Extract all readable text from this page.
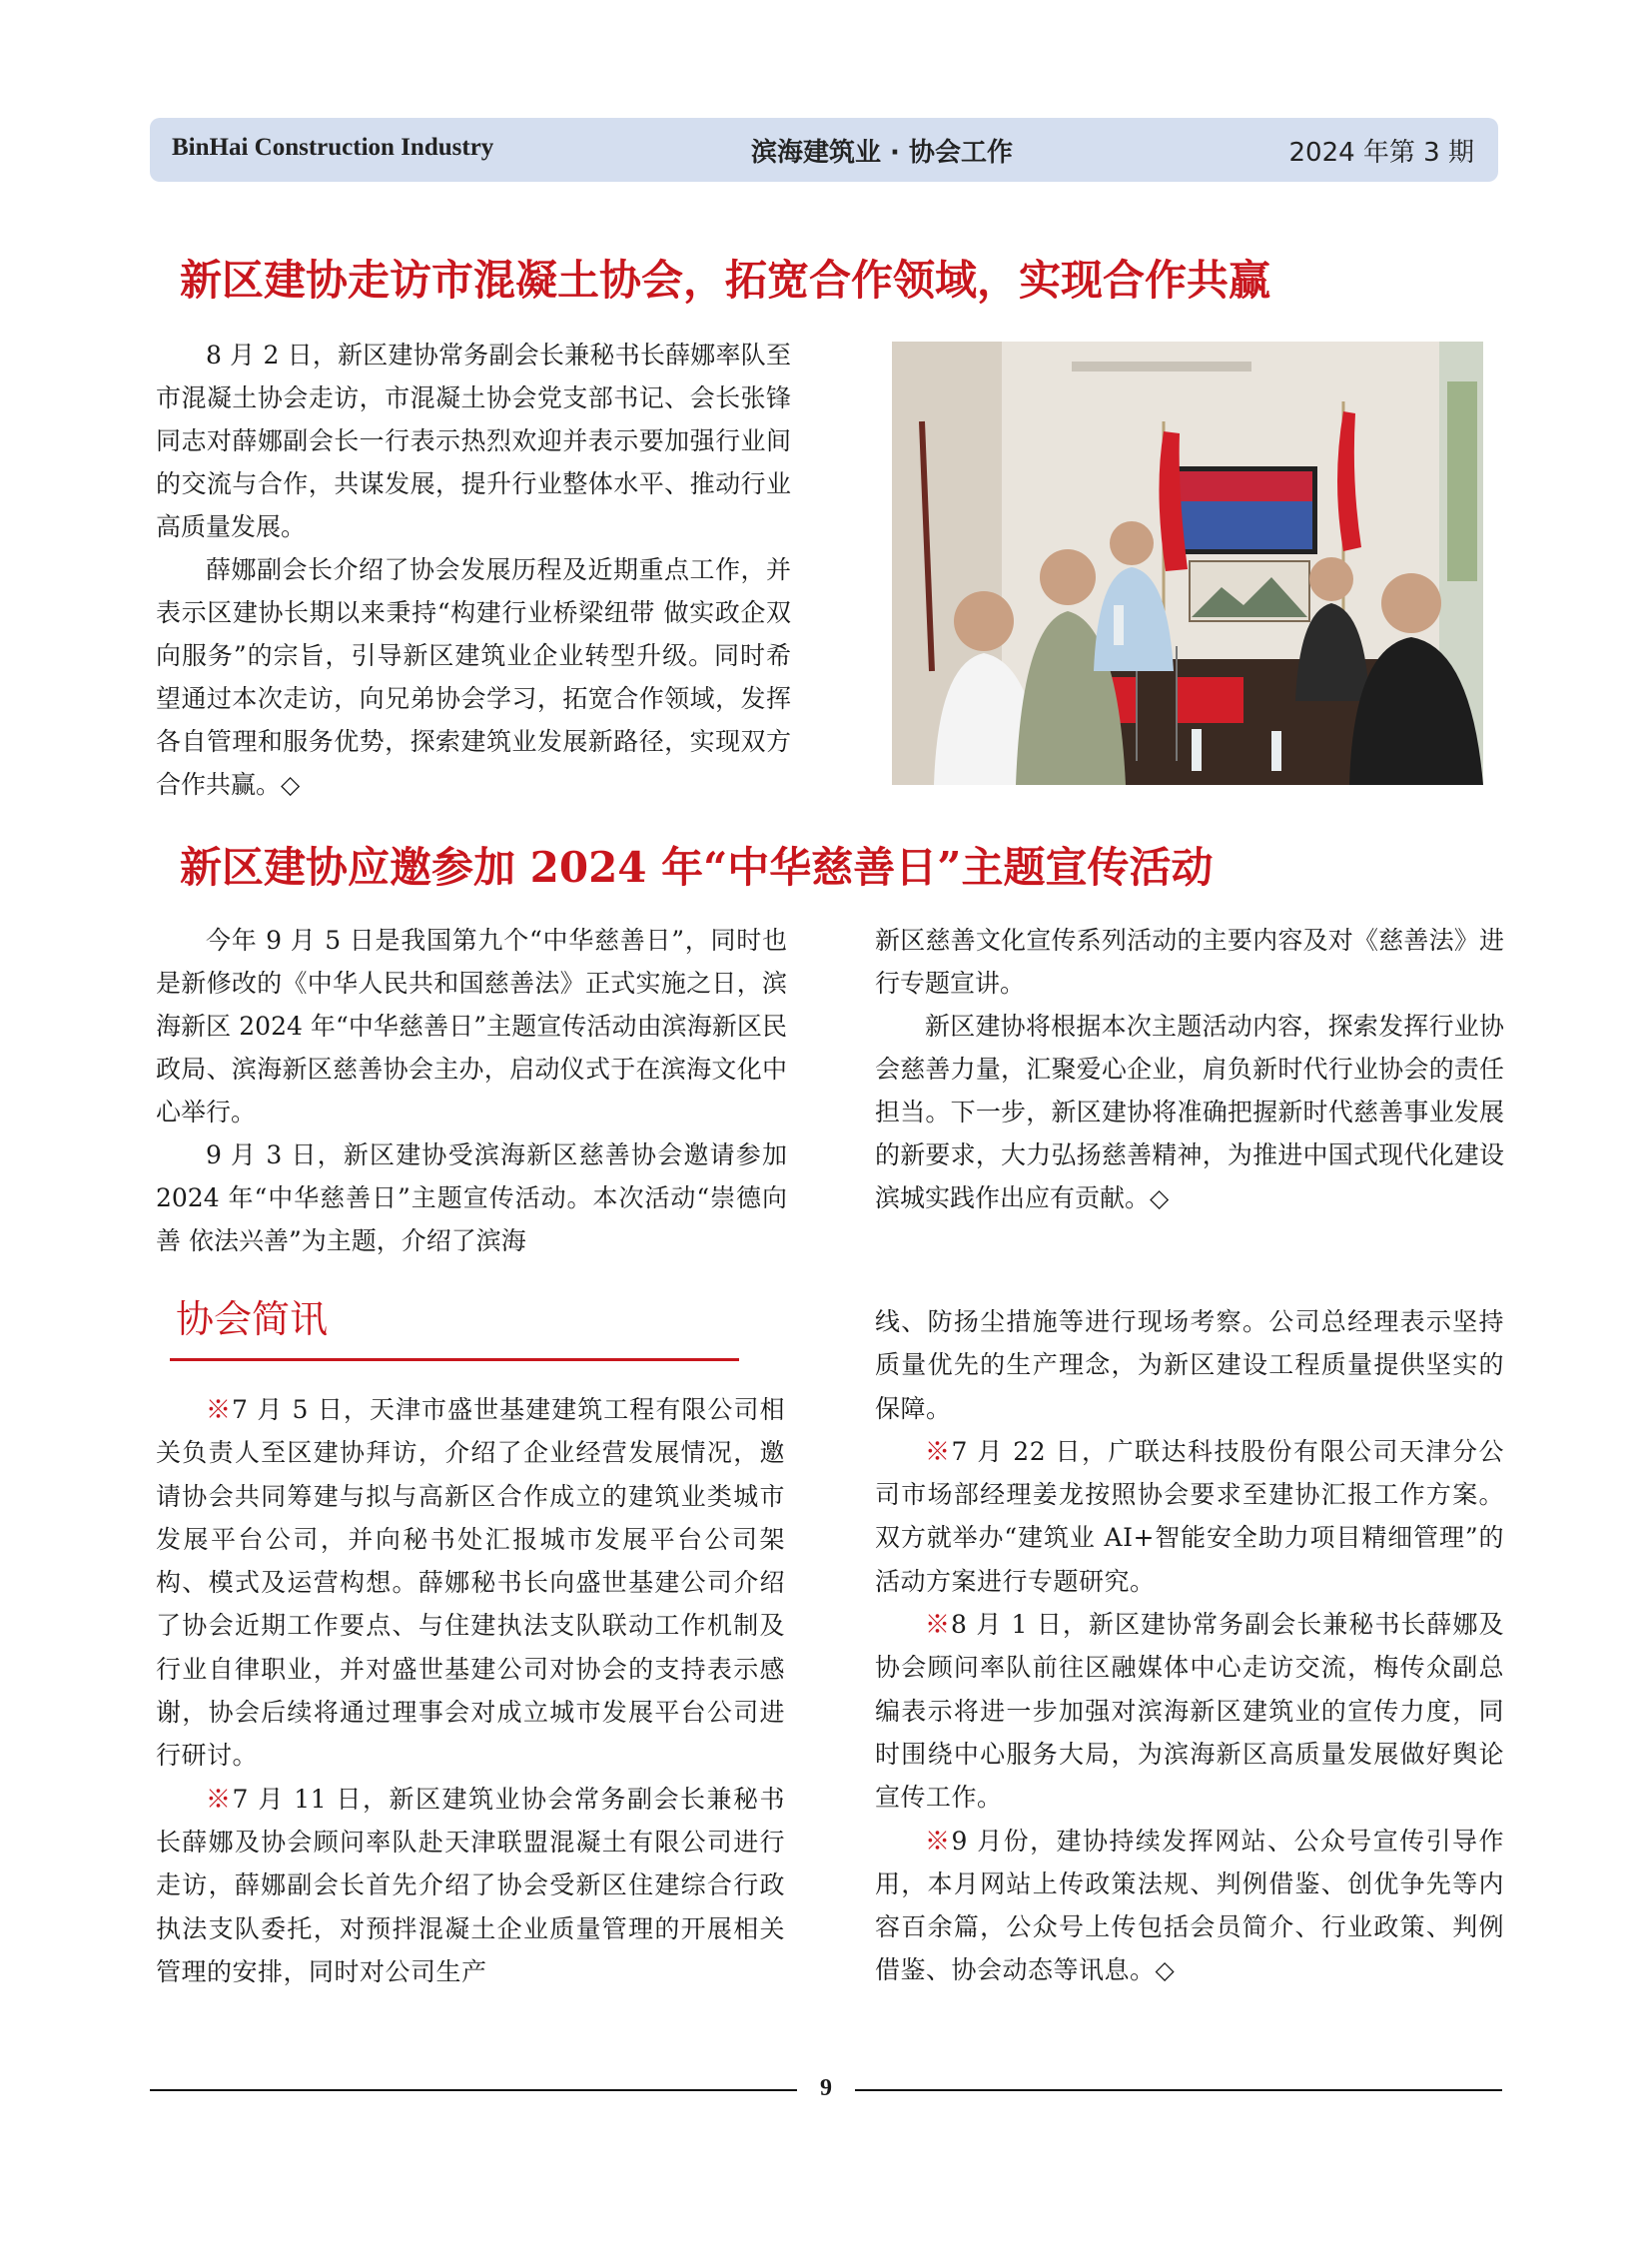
BinHai Construction Industry	滨海建筑业 · 协会工作	2024 年第 3 期
新区建协走访市混凝土协会，拓宽合作领域，实现合作共赢

8 月 2 日，新区建协常务副会长兼秘书长薛娜率队至市混凝土协会走访，市混凝土协会党支部书记、会长张锋同志对薛娜副会长一行表示热烈欢迎并表示要加强行业间的交流与合作，共谋发展，提升行业整体水平、推动行业高质量发展。

薛娜副会长介绍了协会发展历程及近期重点工作，并表示区建协长期以来秉持“构建行业桥梁纽带 做实政企双向服务”的宗旨，引导新区建筑业企业转型升级。同时希望通过本次走访，向兄弟协会学习，拓宽合作领域，发挥各自管理和服务优势，探索建筑业发展新路径，实现双方合作共赢。◇

新区建协应邀参加 2024 年“中华慈善日”主题宣传活动

今年 9 月 5 日是我国第九个“中华慈善日”，同时也是新修改的《中华人民共和国慈善法》正式实施之日，滨海新区 2024 年“中华慈善日”主题宣传活动由滨海新区民政局、滨海新区慈善协会主办，启动仪式于在滨海文化中心举行。

9 月 3 日，新区建协受滨海新区慈善协会邀请参加 2024 年“中华慈善日”主题宣传活动。本次活动“崇德向善 依法兴善”为主题，介绍了滨海

新区慈善文化宣传系列活动的主要内容及对《慈善法》进行专题宣讲。

新区建协将根据本次主题活动内容，探索发挥行业协会慈善力量，汇聚爱心企业，肩负新时代行业协会的责任担当。下一步，新区建协将准确把握新时代慈善事业发展的新要求，大力弘扬慈善精神，为推进中国式现代化建设滨城实践作出应有贡献。◇

协会简讯

※7 月 5 日，天津市盛世基建建筑工程有限公司相关负责人至区建协拜访，介绍了企业经营发展情况，邀请协会共同筹建与拟与高新区合作成立的建筑业类城市发展平台公司，并向秘书处汇报城市发展平台公司架构、模式及运营构想。薛娜秘书长向盛世基建公司介绍了协会近期工作要点、与住建执法支队联动工作机制及行业自律职业，并对盛世基建公司对协会的支持表示感谢，协会后续将通过理事会对成立城市发展平台公司进行研讨。

※7 月 11 日，新区建筑业协会常务副会长兼秘书长薛娜及协会顾问率队赴天津联盟混凝土有限公司进行走访，薛娜副会长首先介绍了协会受新区住建综合行政执法支队委托，对预拌混凝土企业质量管理的开展相关管理的安排，同时对公司生产

线、防扬尘措施等进行现场考察。公司总经理表示坚持质量优先的生产理念，为新区建设工程质量提供坚实的保障。

※7 月 22 日，广联达科技股份有限公司天津分公司市场部经理姜龙按照协会要求至建协汇报工作方案。双方就举办“建筑业 AI+智能安全助力项目精细管理”的活动方案进行专题研究。

※8 月 1 日，新区建协常务副会长兼秘书长薛娜及协会顾问率队前往区融媒体中心走访交流，梅传众副总编表示将进一步加强对滨海新区建筑业的宣传力度，同时围绕中心服务大局，为滨海新区高质量发展做好舆论宣传工作。

※9 月份，建协持续发挥网站、公众号宣传引导作用，本月网站上传政策法规、判例借鉴、创优争先等内容百余篇，公众号上传包括会员简介、行业政策、判例借鉴、协会动态等讯息。◇

9
